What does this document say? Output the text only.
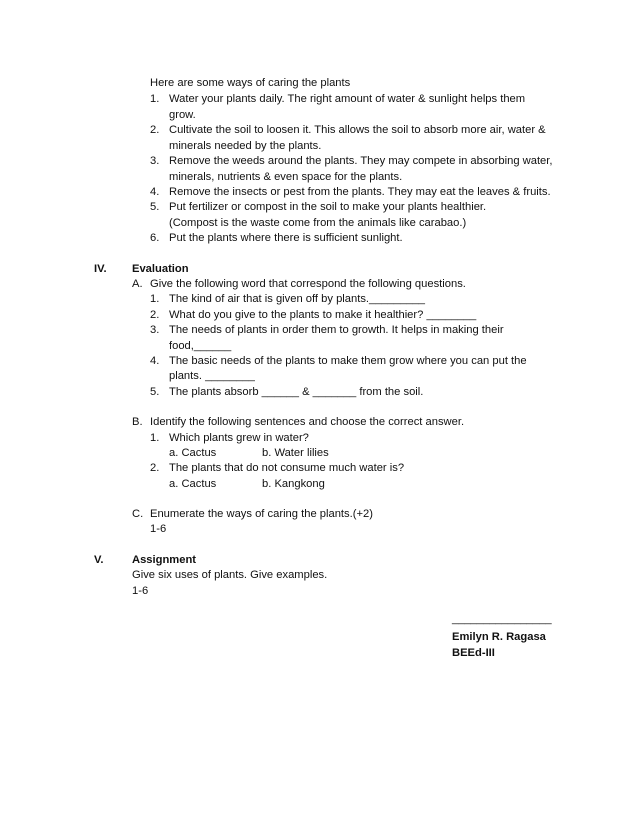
Here are some ways of caring the plants
1. Water your plants daily. The right amount of water & sunlight helps them
grow.
2. Cultivate the soil to loosen it. This allows the soil to absorb more air, water &
minerals needed by the plants.
3. Remove the weeds around the plants. They may compete in absorbing water,
minerals, nutrients & even space for the plants.
4. Remove the insects or pest from the plants. They may eat the leaves & fruits.
5. Put fertilizer or compost in the soil to make your plants healthier.
(Compost is the waste come from the animals like carabao.)
6. Put the plants where there is sufficient sunlight.
IV. Evaluation
A. Give the following word that correspond the following questions.
1. The kind of air that is given off by plants._________
2. What do you give to the plants to make it healthier? ________
3. The needs of plants in order them to growth. It helps in making their
food,______
4. The basic needs of the plants to make them grow where you can put the
plants. ________
5. The plants absorb ______ & _______ from the soil.
B. Identify the following sentences and choose the correct answer.
1. Which plants grew in water?
a. Cactus	b. Water lilies
2. The plants that do not consume much water is?
a. Cactus	b. Kangkong
C. Enumerate the ways of caring the plants.(+2)
1-6
V.	Assignment
Give six uses of plants. Give examples.
1-6
________________
Emilyn R. Ragasa
BEEd-III
